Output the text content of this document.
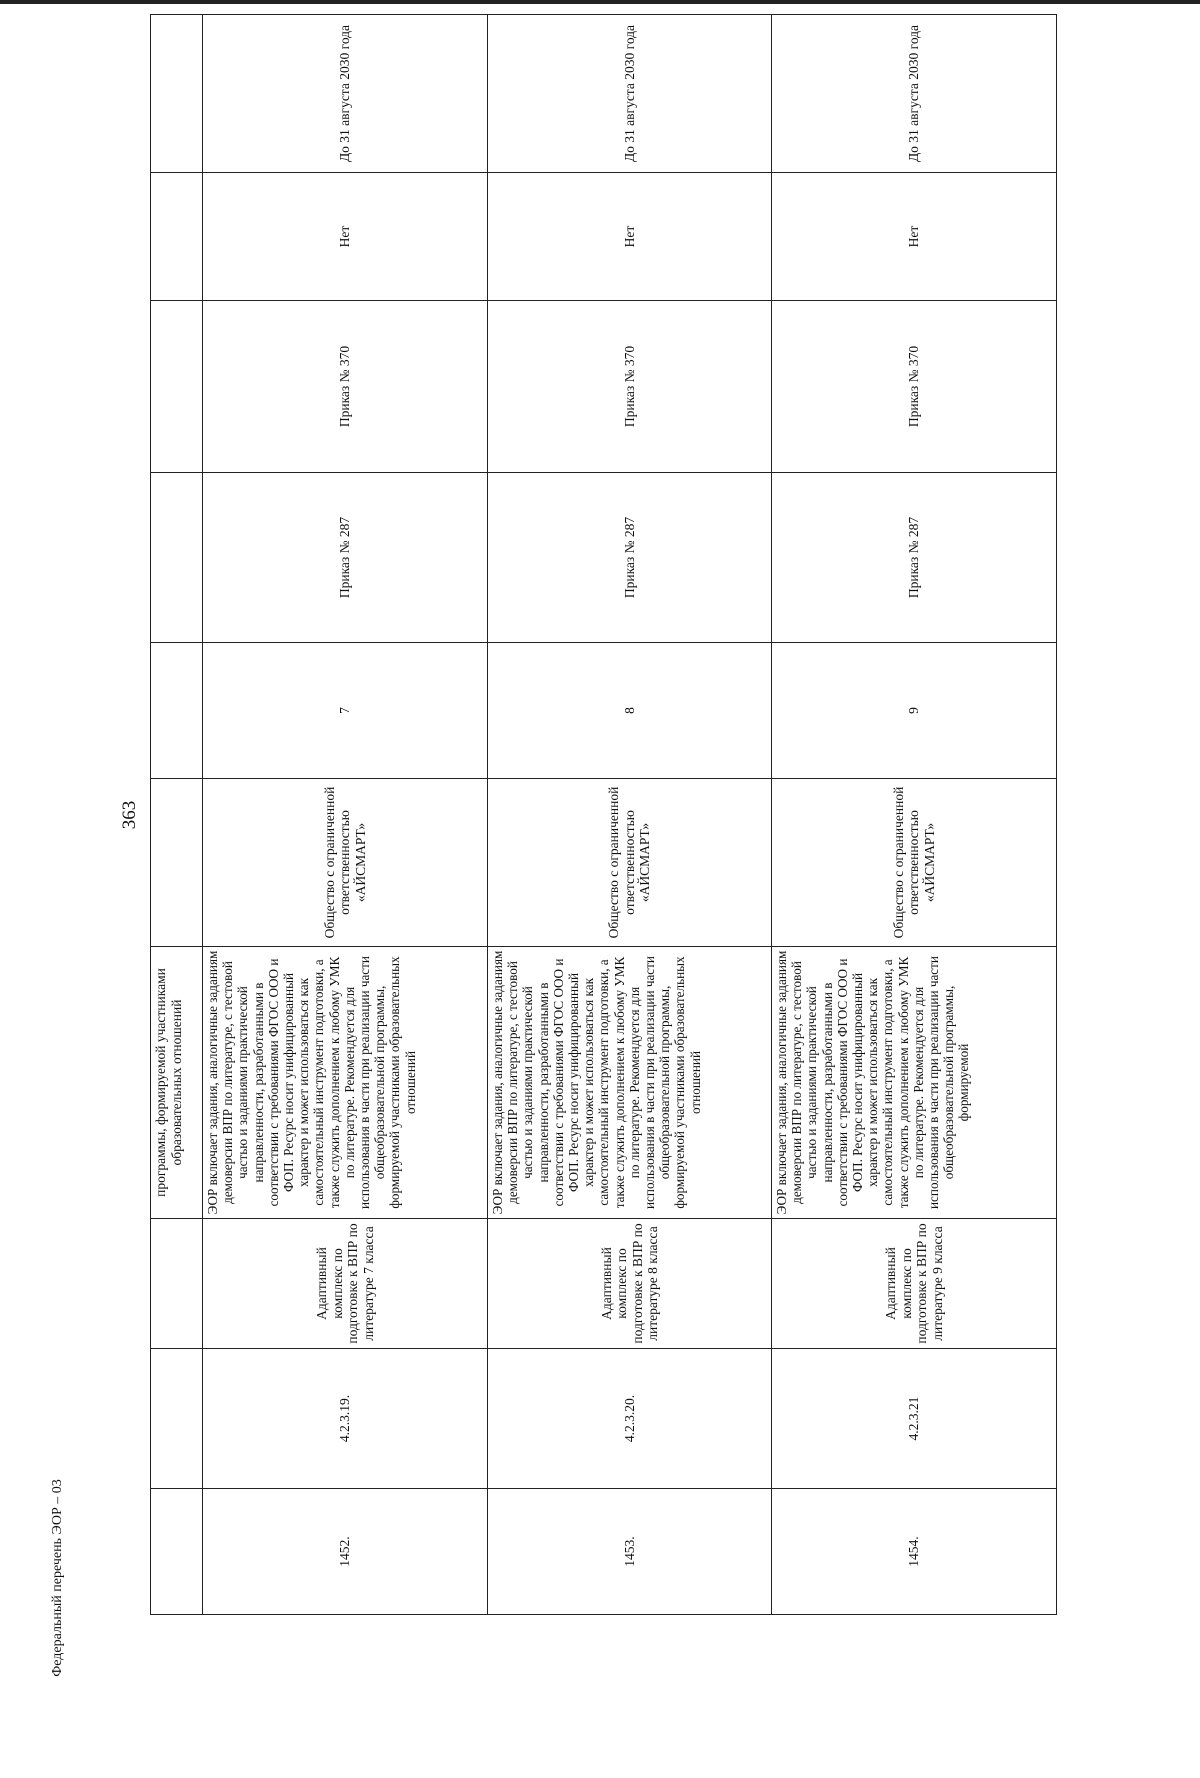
363
Федеральный перечень ЭОР – 03

			программы, формируемой участниками образовательных отношений						

1452.	4.2.3.19.	Адаптивный комплекс по подготовке к ВПР по литературе 7 класса	ЭОР включает задания, аналогичные заданиям демоверсии ВПР по литературе, с тестовой частью и заданиями практической направленности, разработанными в соответствии с требованиями ФГОС ООО и ФОП. Ресурс носит унифицированный характер и может использоваться как самостоятельный инструмент подготовки, а также служить дополнением к любому УМК по литературе. Рекомендуется для использования в части при реализации части общеобразовательной программы, формируемой участниками образовательных отношений	Общество с ограниченной ответственностью «АЙСМАРТ»	7	Приказ № 287	Приказ № 370	Нет	До 31 августа 2030 года
1453.	4.2.3.20.	Адаптивный комплекс по подготовке к ВПР по литературе 8 класса	ЭОР включает задания, аналогичные заданиям демоверсии ВПР по литературе, с тестовой частью и заданиями практической направленности, разработанными в соответствии с требованиями ФГОС ООО и ФОП. Ресурс носит унифицированный характер и может использоваться как самостоятельный инструмент подготовки, а также служить дополнением к любому УМК по литературе. Рекомендуется для использования в части при реализации части общеобразовательной программы, формируемой участниками образовательных отношений	Общество с ограниченной ответственностью «АЙСМАРТ»	8	Приказ № 287	Приказ № 370	Нет	До 31 августа 2030 года
1454.	4.2.3.21	Адаптивный комплекс по подготовке к ВПР по литературе 9 класса	ЭОР включает задания, аналогичные заданиям демоверсии ВПР по литературе, с тестовой частью и заданиями практической направленности, разработанными в соответствии с требованиями ФГОС ООО и ФОП. Ресурс носит унифицированный характер и может использоваться как самостоятельный инструмент подготовки, а также служить дополнением к любому УМК по литературе. Рекомендуется для использования в части при реализации части общеобразовательной программы, формируемой	Общество с ограниченной ответственностью «АЙСМАРТ»	9	Приказ № 287	Приказ № 370	Нет	До 31 августа 2030 года
